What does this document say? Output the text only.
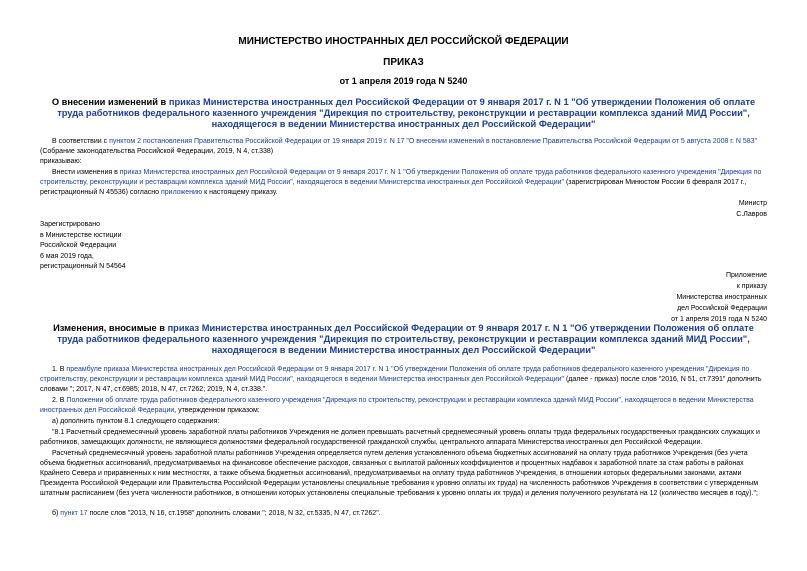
МИНИСТЕРСТВО ИНОСТРАННЫХ ДЕЛ РОССИЙСКОЙ ФЕДЕРАЦИИ
ПРИКАЗ
от 1 апреля 2019 года N 5240
О внесении изменений в приказ Министерства иностранных дел Российской Федерации от 9 января 2017 г. N 1 "Об утверждении Положения об оплате труда работников федерального казенного учреждения "Дирекция по строительству, реконструкции и реставрации комплекса зданий МИД России", находящегося в ведении Министерства иностранных дел Российской Федерации"
В соответствии с пунктом 2 постановления Правительства Российской Федерации от 19 января 2019 г. N 17 "О внесении изменений в постановление Правительства Российской Федерации от 5 августа 2008 г. N 583" (Собрание законодательства Российской Федерации, 2019, N 4, ст.338)
приказываю:
Внести изменения в приказ Министерства иностранных дел Российской Федерации от 9 января 2017 г. N 1 "Об утверждении Положения об оплате труда работников федерального казенного учреждения "Дирекция по строительству, реконструкции и реставрации комплекса зданий МИД России", находящегося в ведении Министерства иностранных дел Российской Федерации" (зарегистрирован Минюстом России 6 февраля 2017 г., регистрационный N 45536) согласно приложению к настоящему приказу.
Министр
С.Лавров
Зарегистрировано
в Министерстве юстиции
Российской Федерации
6 мая 2019 года,
регистрационный N 54564
Приложение
к приказу
Министерства иностранных
дел Российской Федерации
от 1 апреля 2019 года N 5240
Изменения, вносимые в приказ Министерства иностранных дел Российской Федерации от 9 января 2017 г. N 1 "Об утверждении Положения об оплате труда работников федерального казенного учреждения "Дирекция по строительству, реконструкции и реставрации комплекса зданий МИД России", находящегося в ведении Министерства иностранных дел Российской Федерации"
1. В преамбуле приказа Министерства иностранных дел Российской Федерации от 9 января 2017 г. N 1 "Об утверждении Положения об оплате труда работников федерального казенного учреждения "Дирекция по строительству, реконструкции и реставрации комплекса зданий МИД России", находящегося в ведении Министерства иностранных дел Российской Федерации" (далее - приказ) после слов "2016, N 51, ст.7391" дополнить словами "; 2017, N 47, ст.6985; 2018, N 47, ст.7262; 2019, N 4, ст.338.".
2. В Положении об оплате труда работников федерального казенного учреждения "Дирекция по строительству, реконструкции и реставрации комплекса зданий МИД России", находящегося в ведении Министерства иностранных дел Российской Федерации, утвержденном приказом:
а) дополнить пунктом 8.1 следующего содержания:
"8.1 Расчетный среднемесячный уровень заработной платы работников Учреждения не должен превышать расчетный среднемесячный уровень оплаты труда федеральных государственных гражданских служащих и работников, замещающих должности, не являющиеся должностями федеральной государственной гражданской службы, центрального аппарата Министерства иностранных дел Российской Федерации.
Расчетный среднемесячный уровень заработной платы работников Учреждения определяется путем деления установленного объема бюджетных ассигнований на оплату труда работников Учреждения (без учета объема бюджетных ассигнований, предусматриваемых на финансовое обеспечение расходов, связанных с выплатой районных коэффициентов и процентных надбавок к заработной плате за стаж работы в районах Крайнего Севера и приравненных к ним местностях, а также объема бюджетных ассигнований, предусматриваемых на оплату труда работников Учреждения, в отношении которых федеральными законами, актами Президента Российской Федерации или Правительства Российской Федерации установлены специальные требования к уровню оплаты их труда) на численность работников Учреждения в соответствии с утвержденным штатным расписанием (без учета численности работников, в отношении которых установлены специальные требования к уровню оплаты их труда) и деления полученного результата на 12 (количество месяцев в году).";
б) пункт 17 после слов "2013, N 16, ст.1958" дополнить словами "; 2018, N 32, ст.5335, N 47, ст.7262".
